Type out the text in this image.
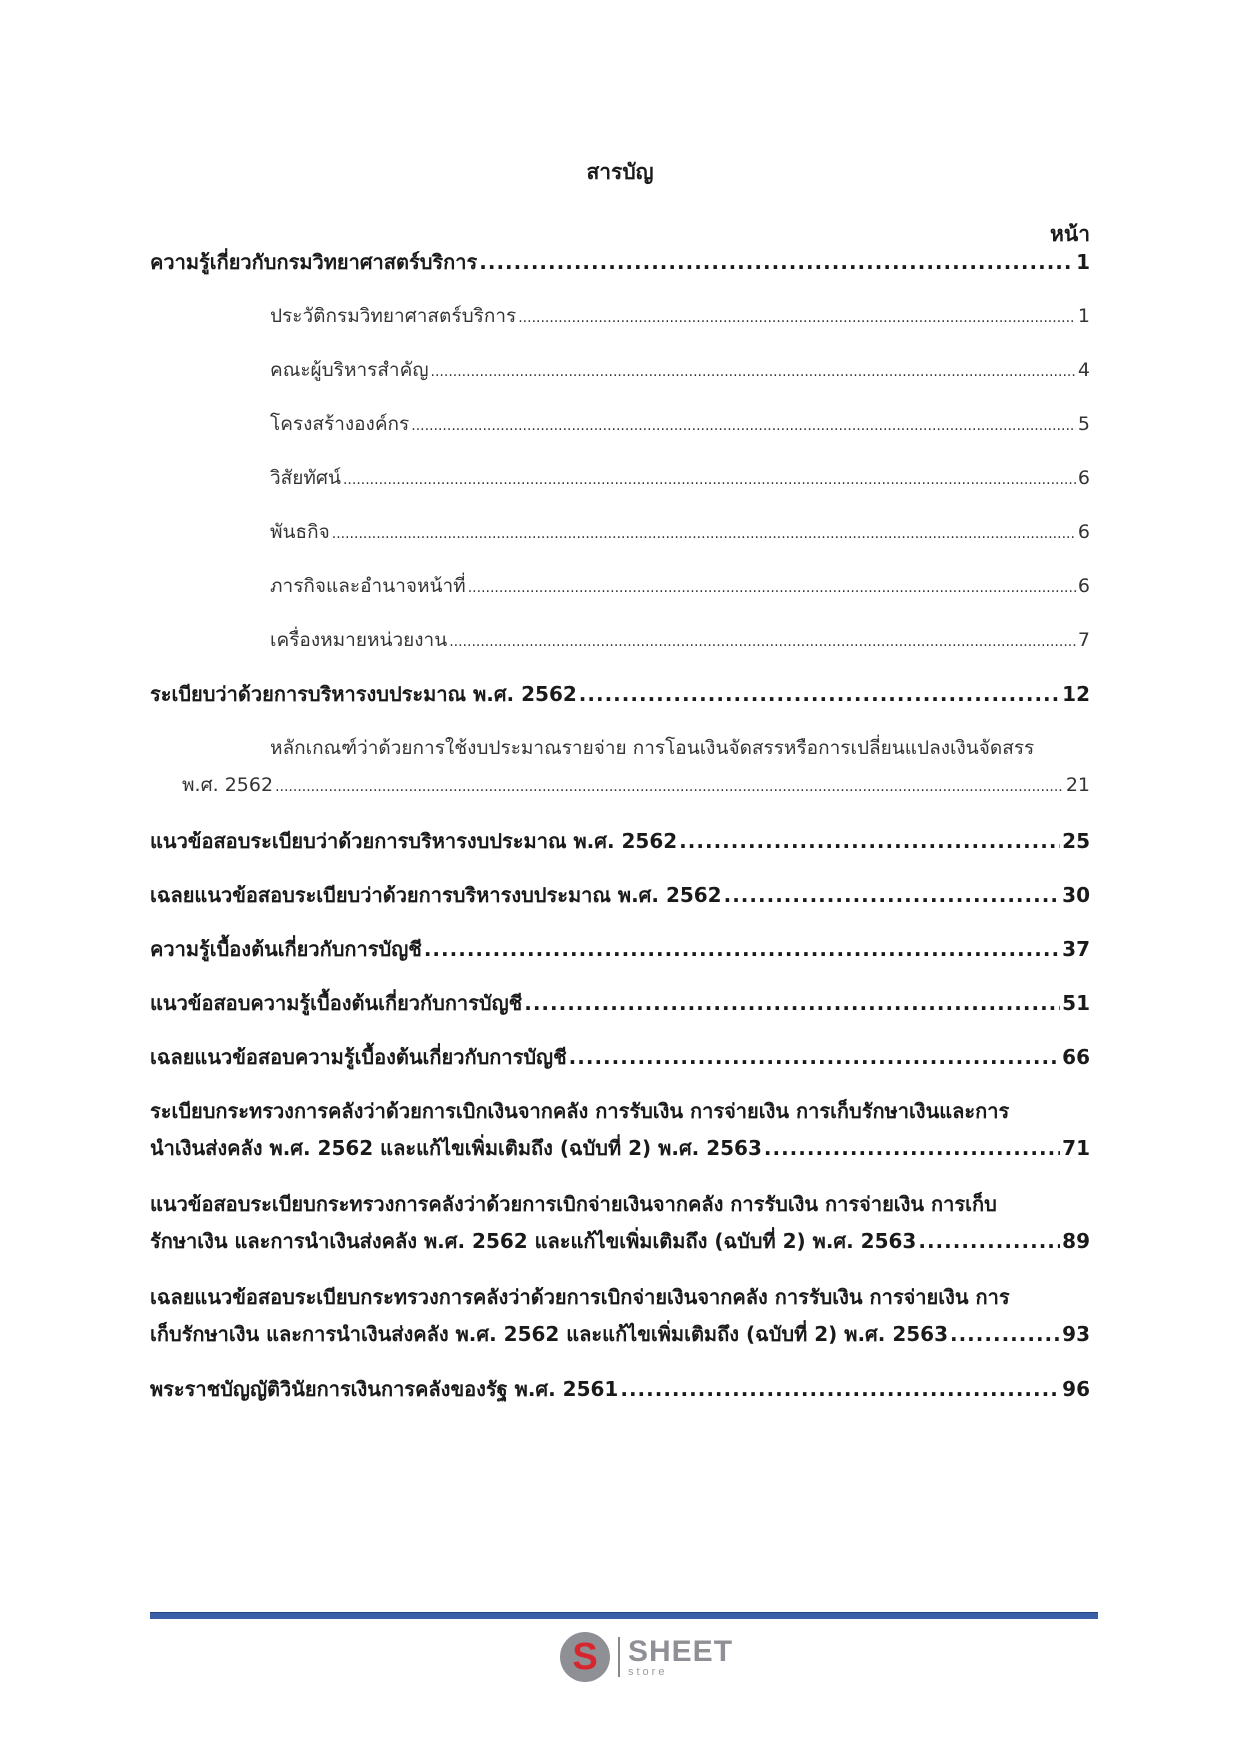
สารบัญ
หน้า
ความรู้เกี่ยวกับกรมวิทยาศาสตร์บริการ .....	1
ประวัติกรมวิทยาศาสตร์บริการ .....	1
คณะผู้บริหารสำคัญ .....	4
โครงสร้างองค์กร .....	5
วิสัยทัศน์ .....	6
พันธกิจ .....	6
ภารกิจและอำนาจหน้าที่ .....	6
เครื่องหมายหน่วยงาน .....	7
ระเบียบว่าด้วยการบริหารงบประมาณ พ.ศ. 2562 .....	12
หลักเกณฑ์ว่าด้วยการใช้งบประมาณรายจ่าย การโอนเงินจัดสรรหรือการเปลี่ยนแปลงเงินจัดสรร
พ.ศ. 2562 .....	21
แนวข้อสอบระเบียบว่าด้วยการบริหารงบประมาณ พ.ศ. 2562 .....	25
เฉลยแนวข้อสอบระเบียบว่าด้วยการบริหารงบประมาณ พ.ศ. 2562 .....	30
ความรู้เบื้องต้นเกี่ยวกับการบัญชี .....	37
แนวข้อสอบความรู้เบื้องต้นเกี่ยวกับการบัญชี .....	51
เฉลยแนวข้อสอบความรู้เบื้องต้นเกี่ยวกับการบัญชี .....	66
ระเบียบกระทรวงการคลังว่าด้วยการเบิกเงินจากคลัง การรับเงิน การจ่ายเงิน การเก็บรักษาเงินและการ
นำเงินส่งคลัง พ.ศ. 2562 และแก้ไขเพิ่มเติมถึง (ฉบับที่ 2) พ.ศ. 2563 .....	71
แนวข้อสอบระเบียบกระทรวงการคลังว่าด้วยการเบิกจ่ายเงินจากคลัง การรับเงิน การจ่ายเงิน การเก็บ
รักษาเงิน และการนำเงินส่งคลัง พ.ศ. 2562 และแก้ไขเพิ่มเติมถึง (ฉบับที่ 2) พ.ศ. 2563 .....	89
เฉลยแนวข้อสอบระเบียบกระทรวงการคลังว่าด้วยการเบิกจ่ายเงินจากคลัง การรับเงิน การจ่ายเงิน การ
เก็บรักษาเงิน และการนำเงินส่งคลัง พ.ศ. 2562 และแก้ไขเพิ่มเติมถึง (ฉบับที่ 2) พ.ศ. 2563 .....	93
พระราชบัญญัติวินัยการเงินการคลังของรัฐ พ.ศ. 2561 .....	96
S	SHEET
store
